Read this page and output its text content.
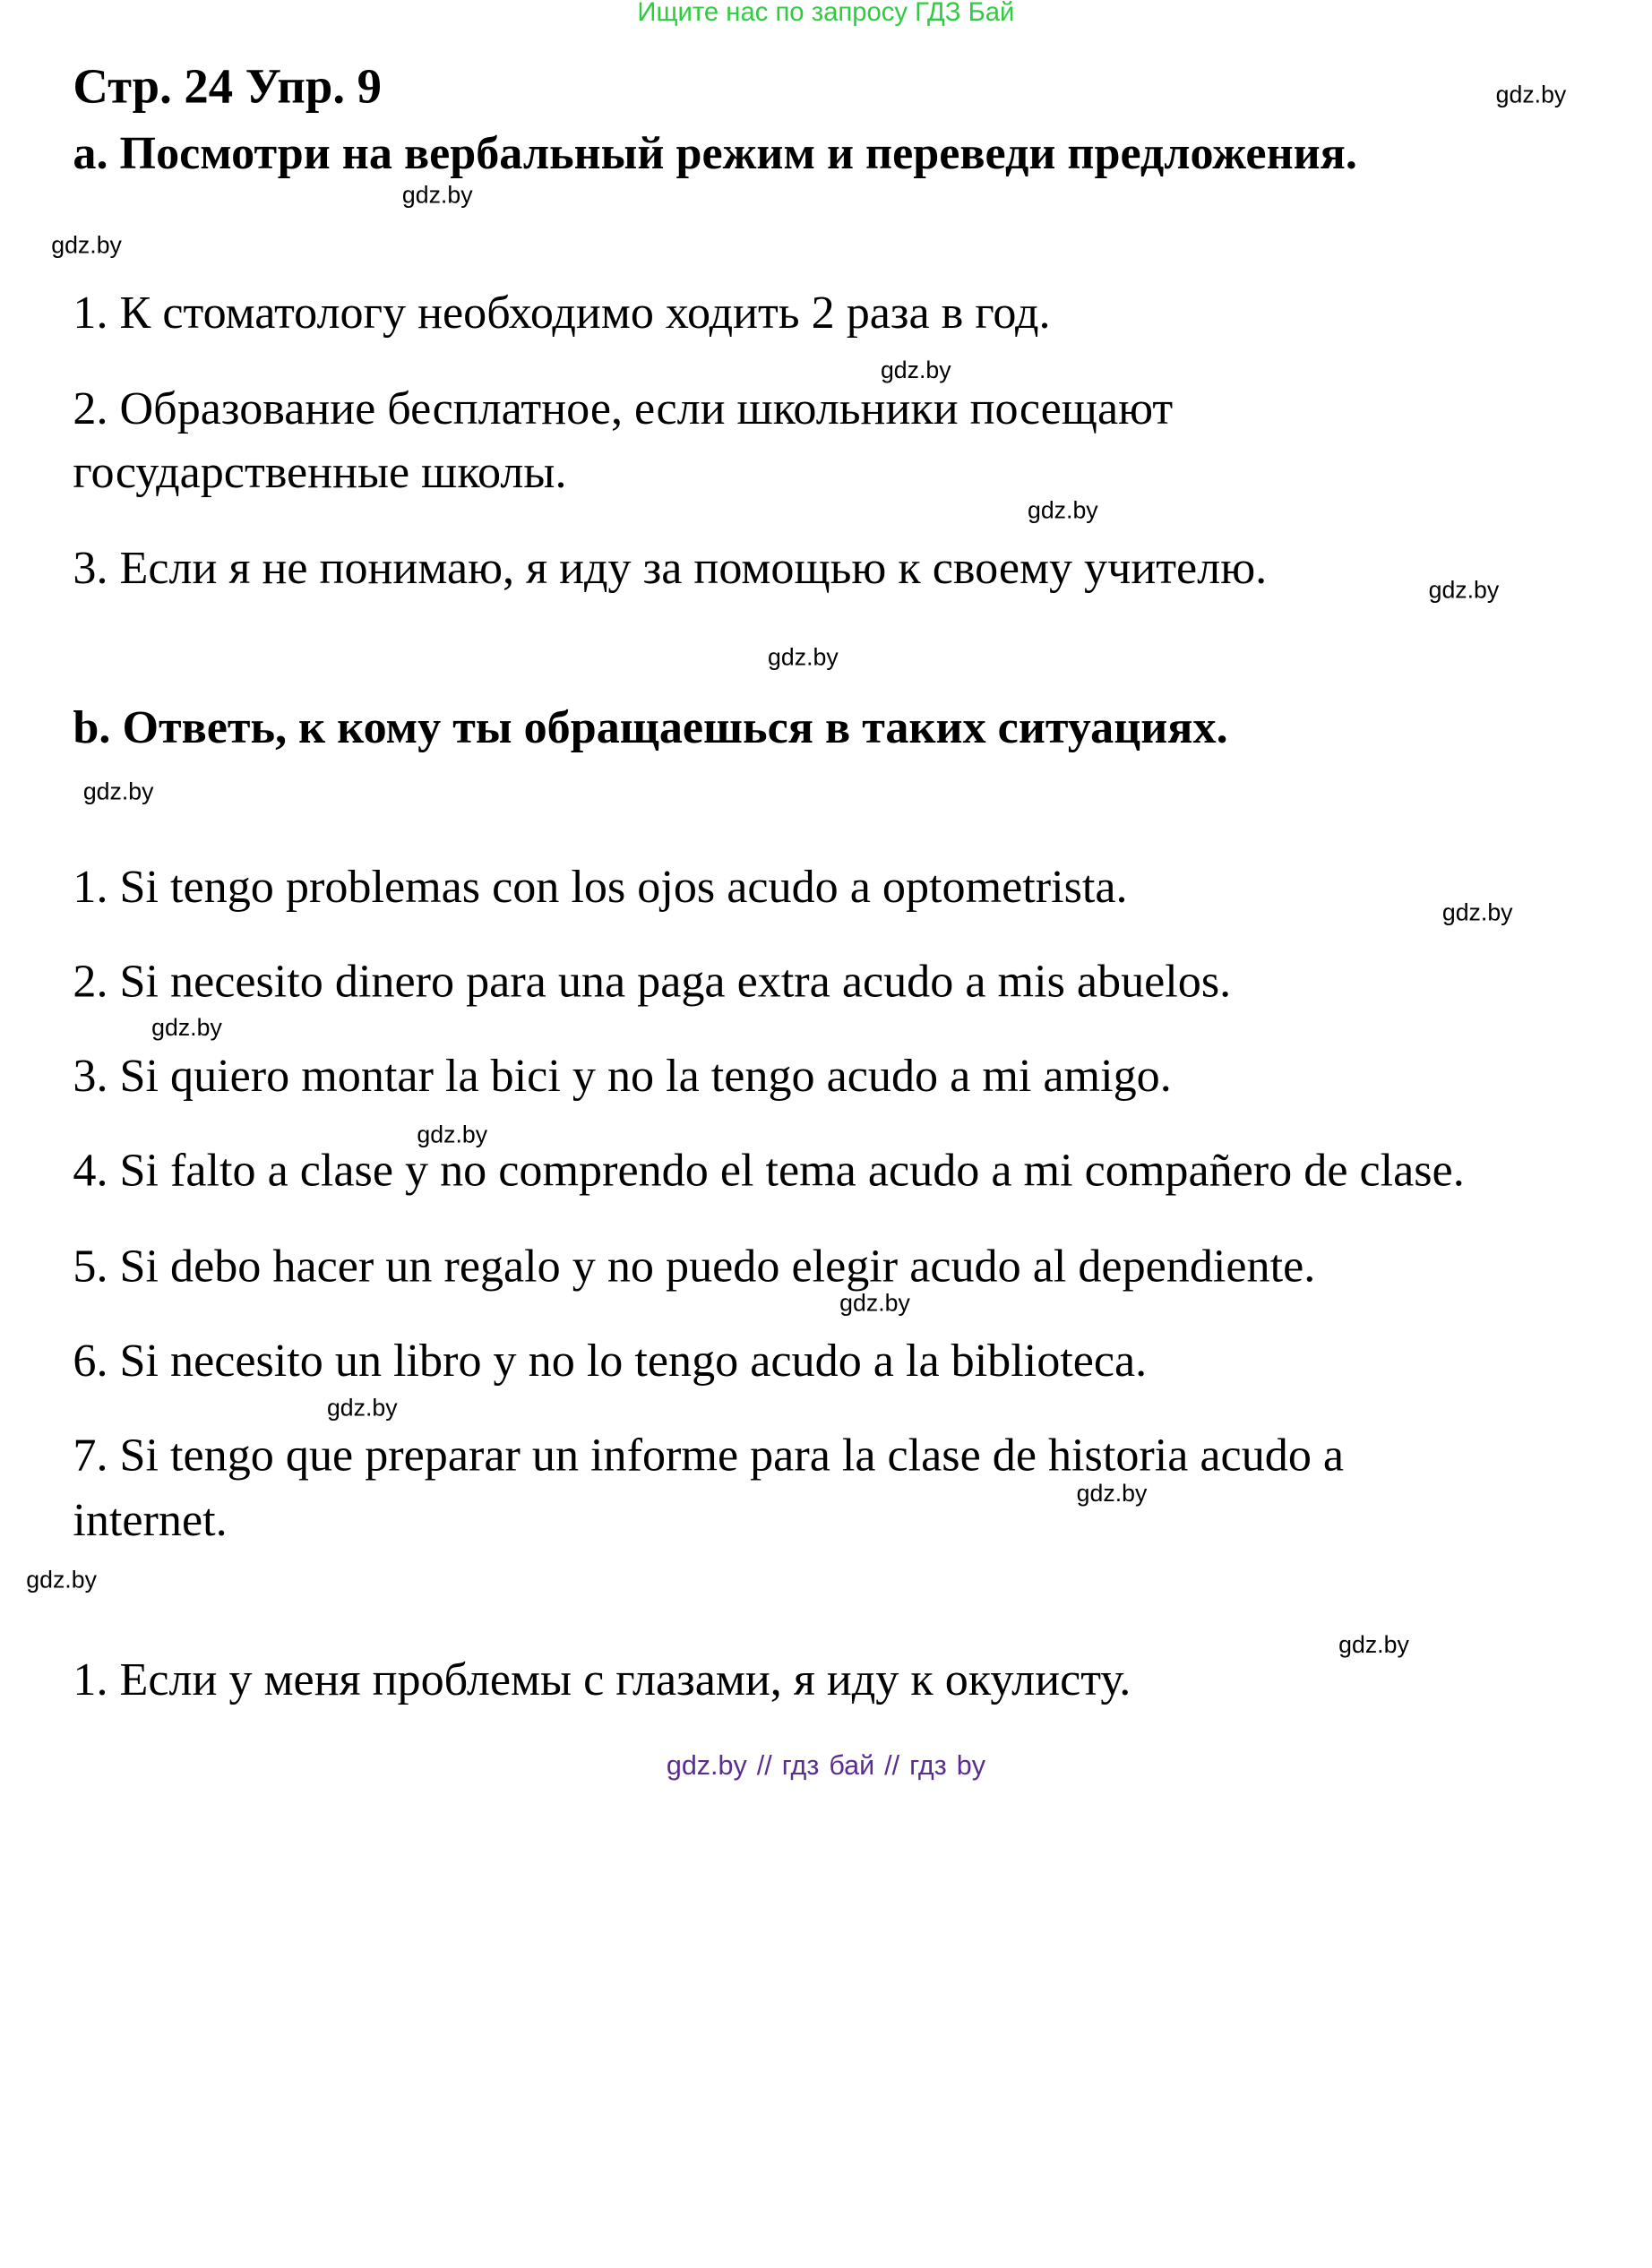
Ищите нас по запросу ГДЗ Бай
Стр. 24 Упр. 9
a. Посмотри на вербальный режим и переведи предложения.
1. К стоматологу необходимо ходить 2 раза в год.
2. Образование бесплатное, если школьники посещают
государственные школы.
3. Если я не понимаю, я иду за помощью к своему учителю.
b. Ответь, к кому ты обращаешься в таких ситуациях.
1. Si tengo problemas con los ojos acudo a optometrista.
2. Si necesito dinero para una paga extra acudo a mis abuelos.
3. Si quiero montar la bici y no la tengo acudo a mi amigo.
4. Si falto a clase y no comprendo el tema acudo a mi compañero de clase.
5. Si debo hacer un regalo y no puedo elegir acudo al dependiente.
6. Si necesito un libro y no lo tengo acudo a la biblioteca.
7. Si tengo que preparar un informe para la clase de historia acudo a
internet.
1. Если у меня проблемы с глазами, я иду к окулисту.
gdz.by
gdz.by
gdz.by
gdz.by
gdz.by
gdz.by
gdz.by
gdz.by
gdz.by
gdz.by
gdz.by
gdz.by
gdz.by
gdz.by
gdz.by
gdz.by
gdz.by // гдз бай // гдз by
